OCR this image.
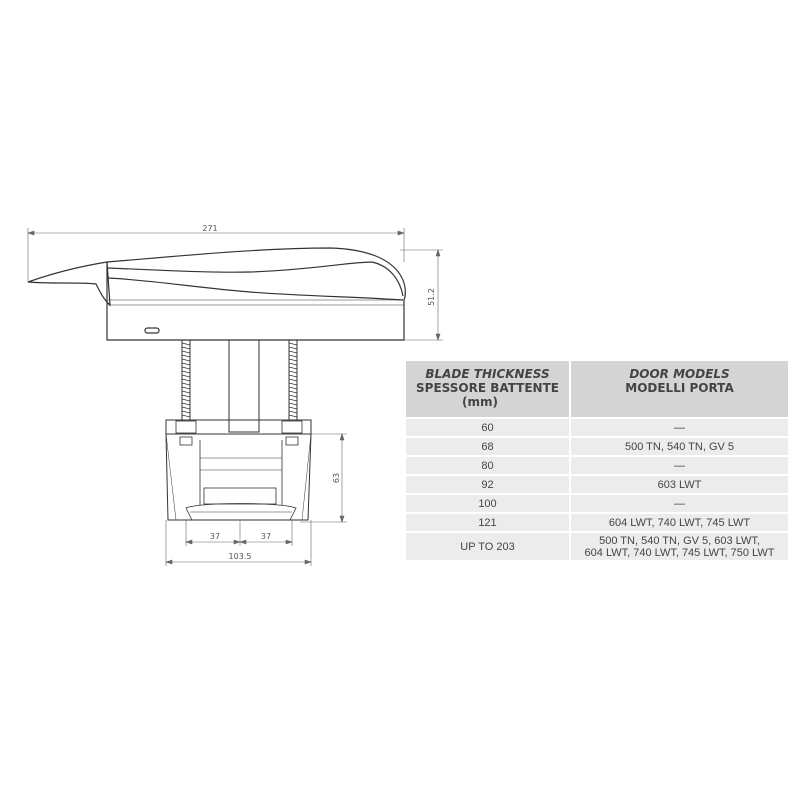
271
51.2
63
37	37
103.5
BLADE THICKNESS
SPESSORE BATTENTE
(mm)	DOOR MODELS
MODELLI PORTA

60	—
68	500 TN, 540 TN, GV 5
80	—
92	603 LWT
100	—
121	604 LWT, 740 LWT, 745 LWT
UP TO 203	500 TN, 540 TN, GV 5, 603 LWT,
604 LWT, 740 LWT, 745 LWT, 750 LWT
